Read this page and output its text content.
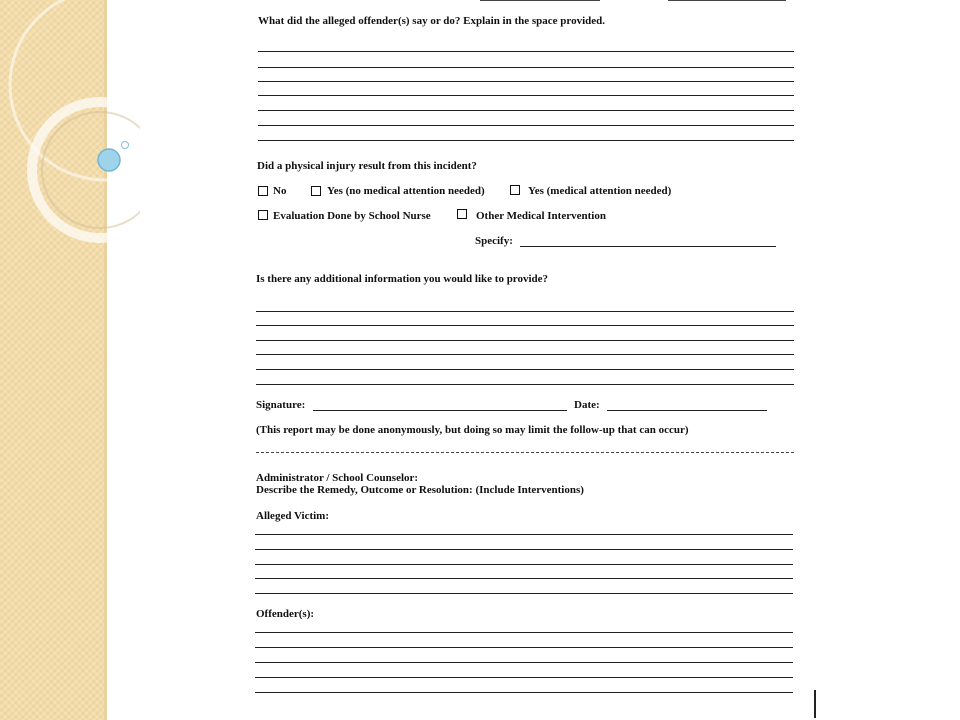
What did the alleged offender(s) say or do? Explain in the space provided.
Did a physical injury result from this incident?
No	Yes (no medical attention needed)	Yes (medical attention needed)
Evaluation Done by School Nurse	Other Medical Intervention
Specify:
Is there any additional information you would like to provide?
Signature:	Date:
(This report may be done anonymously, but doing so may limit the follow-up that can occur)
Administrator / School Counselor:
Describe the Remedy, Outcome or Resolution: (Include Interventions)
Alleged Victim:
Offender(s):
